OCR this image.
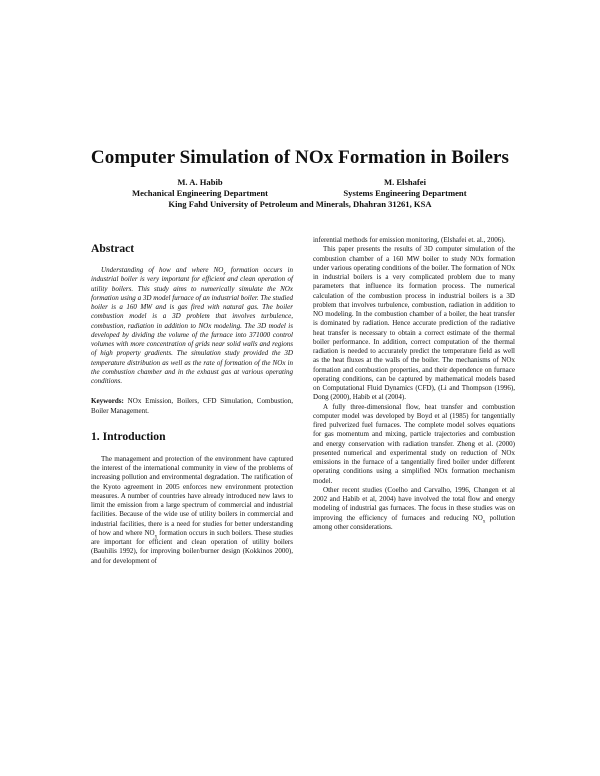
Computer Simulation of NOx Formation in Boilers
M. A. Habib
Mechanical Engineering Department
M. Elshafei
Systems Engineering Department
King Fahd University of Petroleum and Minerals, Dhahran 31261, KSA
Abstract

Understanding of how and where $NO_x$ formation occurs in industrial boiler is very important for efficient and clean operation of utility boilers. This study aims to numerically simulate the NOx formation using a 3D model furnace of an industrial boiler. The studied boiler is a 160 MW and is gas fired with natural gas. The boiler combustion model is a 3D problem that involves turbulence, combustion, radiation in addition to NOx modeling. The 3D model is developed by dividing the volume of the furnace into 371000 control volumes with more concentration of grids near solid walls and regions of high property gradients. The simulation study provided the 3D temperature distribution as well as the rate of formation of the NOx in the combustion chamber and in the exhaust gas at various operating conditions.

Keywords: NOx Emission, Boilers, CFD Simulation, Combustion, Boiler Management.

1. Introduction

The management and protection of the environment have captured the interest of the international community in view of the problems of increasing pollution and environmental degradation. The ratification of the Kyoto agreement in 2005 enforces new environment protection measures. A number of countries have already introduced new laws to limit the emission from a large spectrum of commercial and industrial facilities. Because of the wide use of utility boilers in commercial and industrial facilities, there is a need for studies for better understanding of how and where $NO_x$ formation occurs in such boilers. These studies are important for efficient and clean operation of utility boilers (Bauhilis 1992), for improving boiler/burner design (Kokkinos 2000), and for development of

inferential methods for emission monitoring, (Elshafei et. al., 2006).

This paper presents the results of 3D computer simulation of the combustion chamber of a 160 MW boiler to study NOx formation under various operating conditions of the boiler. The formation of NOx in industrial boilers is a very complicated problem due to many parameters that influence its formation process. The numerical calculation of the combustion process in industrial boilers is a 3D problem that involves turbulence, combustion, radiation in addition to NO modeling. In the combustion chamber of a boiler, the heat transfer is dominated by radiation. Hence accurate prediction of the radiative heat transfer is necessary to obtain a correct estimate of the thermal boiler performance. In addition, correct computation of the thermal radiation is needed to accurately predict the temperature field as well as the heat fluxes at the walls of the boiler. The mechanisms of NOx formation and combustion properties, and their dependence on furnace operating conditions, can be captured by mathematical models based on Computational Fluid Dynamics (CFD), (Li and Thompson (1996), Dong (2000), Habib et al (2004).

A fully three-dimensional flow, heat transfer and combustion computer model was developed by Boyd et al (1985) for tangentially fired pulverized fuel furnaces. The complete model solves equations for gas momentum and mixing, particle trajectories and combustion and energy conservation with radiation transfer. Zheng et al. (2000) presented numerical and experimental study on reduction of NOx emissions in the furnace of a tangentially fired boiler under different operating conditions using a simplified NOx formation mechanism model.

Other recent studies (Coelho and Carvalho, 1996, Changen et al 2002 and Habib et al, 2004) have involved the total flow and energy modeling of industrial gas furnaces. The focus in these studies was on improving the efficiency of furnaces and reducing $NO_x$ pollution among other considerations.
